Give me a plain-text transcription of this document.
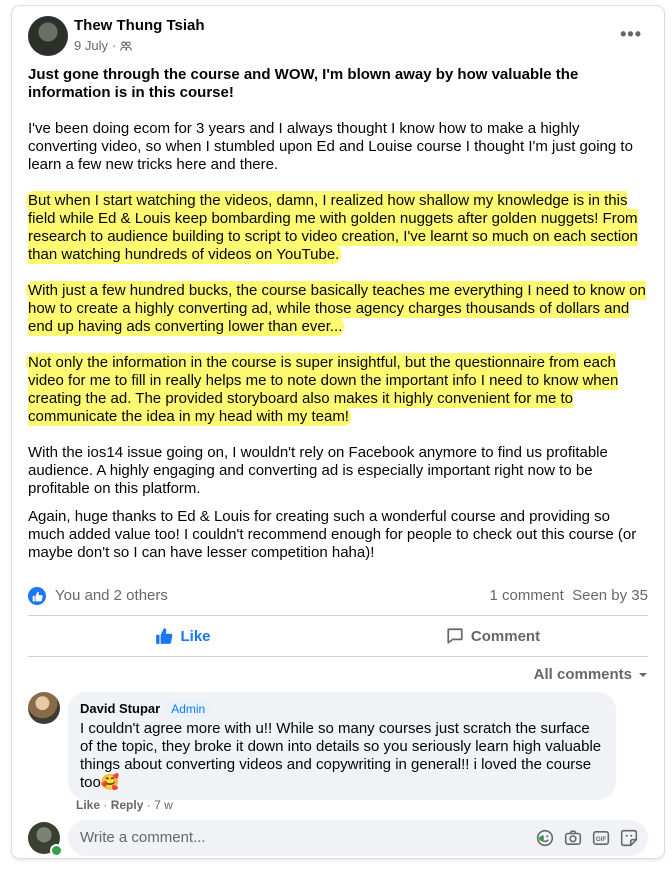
Thew Thung Tsiah
9 July ·
•••

Just gone through the course and WOW, I'm blown away by how valuable the information is in this course!

I've been doing ecom for 3 years and I always thought I know how to make a highly converting video, so when I stumbled upon Ed and Louise course I thought I'm just going to learn a few new tricks here and there.

But when I start watching the videos, damn, I realized how shallow my knowledge is in this field while Ed & Louis keep bombarding me with golden nuggets after golden nuggets! From research to audience building to script to video creation, I've learnt so much on each section than watching hundreds of videos on YouTube.

With just a few hundred bucks, the course basically teaches me everything I need to know on how to create a highly converting ad, while those agency charges thousands of dollars and end up having ads converting lower than ever...

Not only the information in the course is super insightful, but the questionnaire from each video for me to fill in really helps me to note down the important info I need to know when creating the ad. The provided storyboard also makes it highly convenient for me to communicate the idea in my head with my team!

With the ios14 issue going on, I wouldn't rely on Facebook anymore to find us profitable audience. A highly engaging and converting ad is especially important right now to be profitable on this platform.

Again, huge thanks to Ed & Louis for creating such a wonderful course and providing so much added value too! I couldn't recommend enough for people to check out this course (or maybe don't so I can have lesser competition haha)!

You and 2 others	1 comment Seen by 35
Like	Comment
All comments
David Stupar Admin
I couldn't agree more with u!! While so many courses just scratch the surface of the topic, they broke it down into details so you seriously learn high valuable things about converting videos and copywriting in general!! i loved the course too🥰
Like · Reply · 7 w
Write a comment...	GIF
